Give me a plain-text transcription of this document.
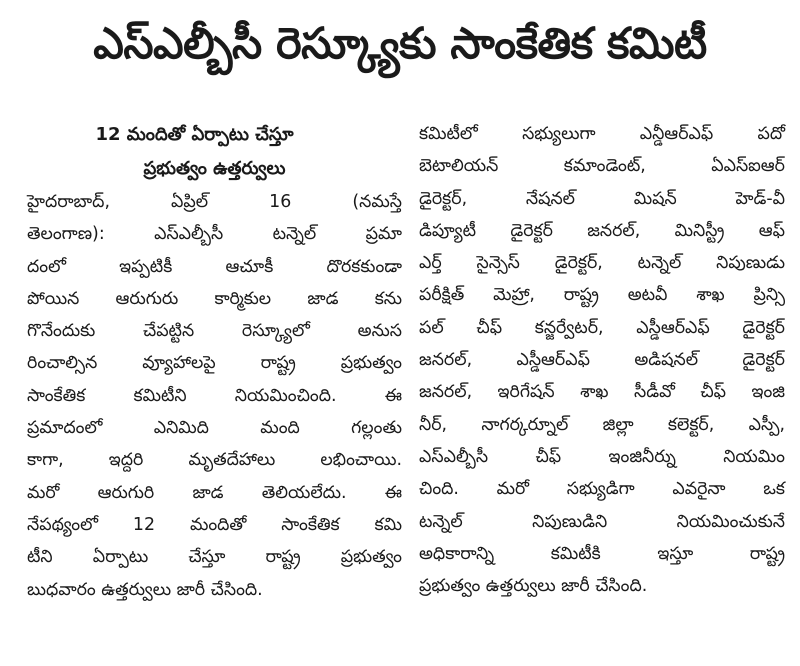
ఎస్ఎల్బీసీ రెస్క్యూకు సాంకేతిక కమిటీ
12 మందితో ఏర్పాటు చేస్తూ
ప్రభుత్వం ఉత్తర్వులు
హైదరాబాద్, ఏప్రిల్ 16 (నమస్తే
తెలంగాణ): ఎస్ఎల్బీసీ టన్నెల్ ప్రమా
దంలో ఇప్పటికీ ఆచూకీ దొరకకుండా
పోయిన ఆరుగురు కార్మికుల జాడ కను
గొనేందుకు చేపట్టిన రెస్క్యూలో అనుస
రించాల్సిన వ్యూహాలపై రాష్ట్ర ప్రభుత్వం
సాంకేతిక కమిటీని నియమించింది. ఈ
ప్రమాదంలో ఎనిమిది మంది గల్లంతు
కాగా, ఇద్దరి మృతదేహాలు లభించాయి.
మరో ఆరుగురి జాడ తెలియలేదు. ఈ
నేపథ్యంలో 12 మందితో సాంకేతిక కమి
టీని ఏర్పాటు చేస్తూ రాష్ట్ర ప్రభుత్వం
బుధవారం ఉత్తర్వులు జారీ చేసింది.
కమిటీలో సభ్యులుగా ఎన్డీఆర్ఎఫ్ పదో
బెటాలియన్ కమాండెంట్, ఏఎస్ఐఆర్
డైరెక్టర్, నేషనల్ మిషన్ హెడ్-వీ
డిప్యూటీ డైరెక్టర్ జనరల్, మినిస్ట్రీ ఆఫ్
ఎర్త్ సైన్సెస్ డైరెక్టర్, టన్నెల్ నిపుణుడు
పరీక్షిత్ మెహ్రా, రాష్ట్ర అటవీ శాఖ ప్రిన్సి
పల్ చీఫ్ కన్జర్వేటర్, ఎస్డీఆర్ఎఫ్ డైరెక్టర్
జనరల్, ఎస్డీఆర్ఎఫ్ అడిషనల్ డైరెక్టర్
జనరల్, ఇరిగేషన్ శాఖ సీడీవో చీఫ్ ఇంజి
నీర్, నాగర్కర్నూల్ జిల్లా కలెక్టర్, ఎస్పీ,
ఎస్ఎల్బీసీ చీఫ్ ఇంజినీర్ను నియమిం
చింది. మరో సభ్యుడిగా ఎవరైనా ఒక
టన్నెల్ నిపుణుడిని నియమించుకునే
అధికారాన్ని కమిటీకి ఇస్తూ రాష్ట్ర
ప్రభుత్వం ఉత్తర్వులు జారీ చేసింది.
